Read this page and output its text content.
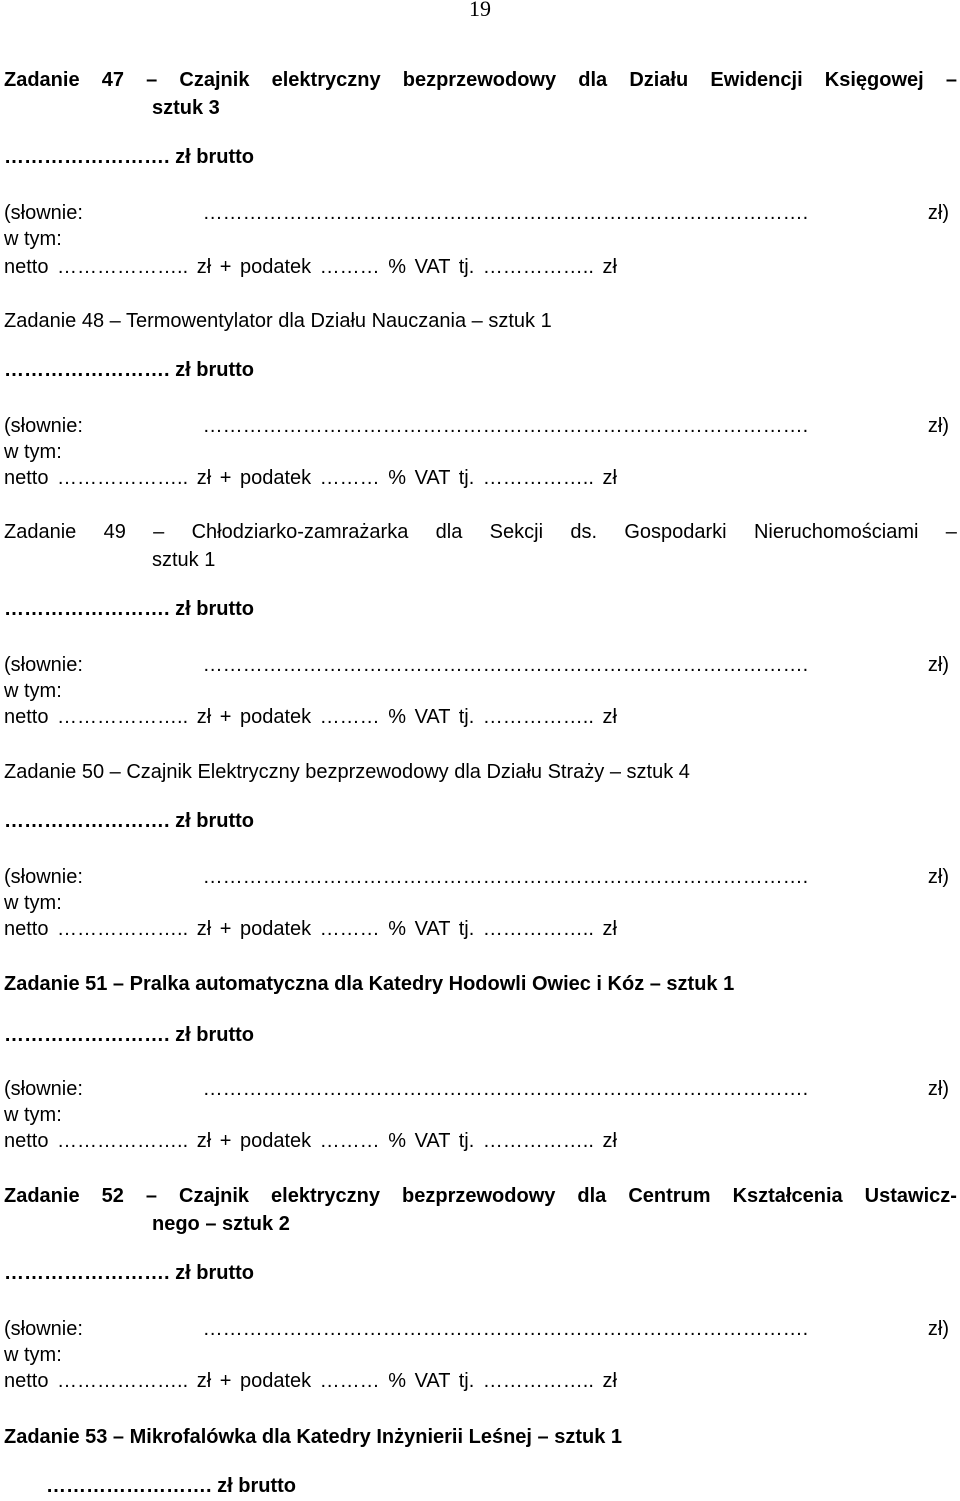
19
Zadanie 47 – Czajnik elektryczny bezprzewodowy dla Działu Ewidencji Księgowej –
sztuk 3
……………………. zł brutto
(słownie:	……………………………………………………………………………….	zł)
w tym:
netto ……………….. zł + podatek ……… % VAT tj. …………….. zł
Zadanie 48 – Termowentylator dla Działu Nauczania – sztuk 1
……………………. zł brutto
(słownie:	……………………………………………………………………………….	zł)
w tym:
netto ……………….. zł + podatek ……… % VAT tj. …………….. zł
Zadanie 49 – Chłodziarko-zamrażarka dla Sekcji ds. Gospodarki Nieruchomościami –
sztuk 1
……………………. zł brutto
(słownie:	……………………………………………………………………………….	zł)
w tym:
netto ……………….. zł + podatek ……… % VAT tj. …………….. zł
Zadanie 50 – Czajnik Elektryczny bezprzewodowy dla Działu Straży – sztuk 4
……………………. zł brutto
(słownie:	……………………………………………………………………………….	zł)
w tym:
netto ……………….. zł + podatek ……… % VAT tj. …………….. zł
Zadanie 51 – Pralka automatyczna dla Katedry Hodowli Owiec i Kóz – sztuk 1
……………………. zł brutto
(słownie:	……………………………………………………………………………….	zł)
w tym:
netto ……………….. zł + podatek ……… % VAT tj. …………….. zł
Zadanie 52 – Czajnik elektryczny bezprzewodowy dla Centrum Kształcenia Ustawicz-
nego – sztuk 2
……………………. zł brutto
(słownie:	……………………………………………………………………………….	zł)
w tym:
netto ……………….. zł + podatek ……… % VAT tj. …………….. zł
Zadanie 53 – Mikrofalówka dla Katedry Inżynierii Leśnej – sztuk 1
……………………. zł brutto
